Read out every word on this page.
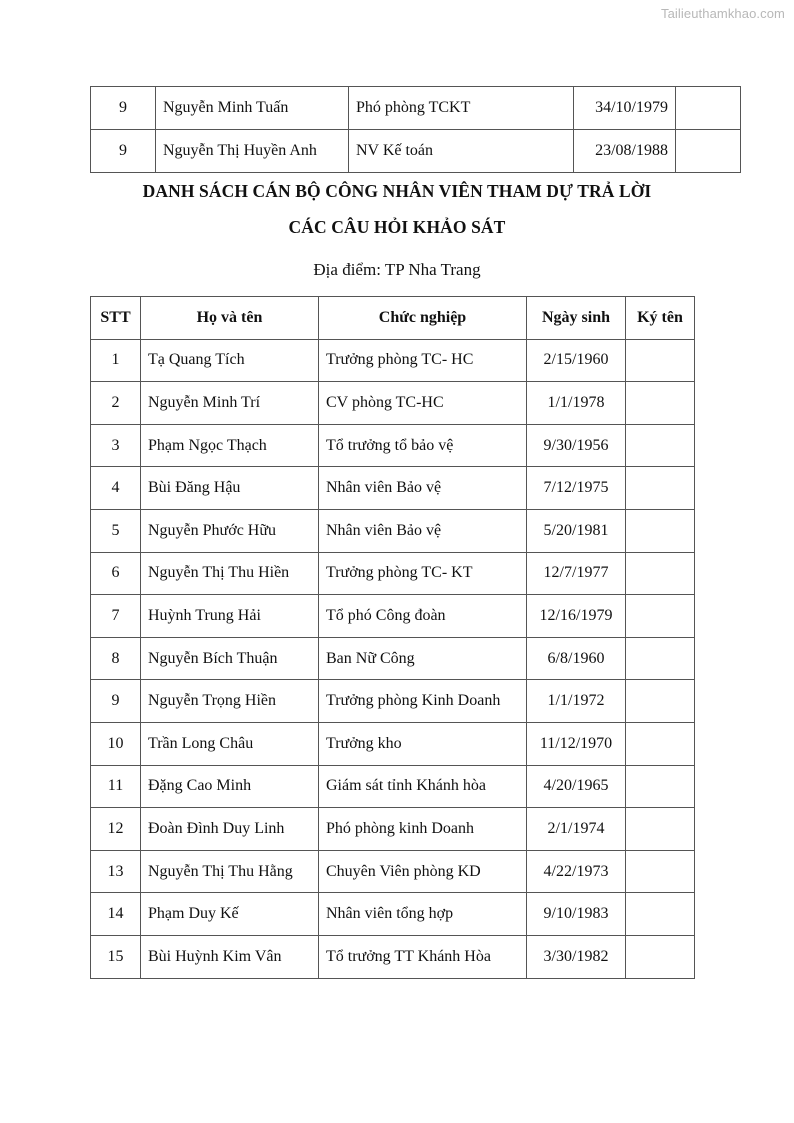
Tailieuthamkhao.com
9	Nguyễn Minh Tuấn	Phó phòng TCKT	34/10/1979	
9	Nguyễn Thị Huyền Anh	NV Kế toán	23/08/1988	
DANH SÁCH CÁN BỘ CÔNG NHÂN VIÊN THAM DỰ TRẢ LỜI
CÁC CÂU HỎI KHẢO SÁT
Địa điểm: TP Nha Trang
STT	Họ và tên	Chức nghiệp	Ngày sinh	Ký tên
1	Tạ Quang Tích	Trưởng phòng TC- HC	2/15/1960	
2	Nguyễn Minh Trí	CV phòng TC-HC	1/1/1978	
3	Phạm Ngọc Thạch	Tổ trưởng tổ bảo vệ	9/30/1956	
4	Bùi Đăng Hậu	Nhân viên Bảo vệ	7/12/1975	
5	Nguyễn Phước Hữu	Nhân viên Bảo vệ	5/20/1981	
6	Nguyễn Thị Thu Hiền	Trưởng phòng TC- KT	12/7/1977	
7	Huỳnh Trung Hải	Tổ phó Công đoàn	12/16/1979	
8	Nguyễn Bích Thuận	Ban Nữ Công	6/8/1960	
9	Nguyễn Trọng Hiền	Trưởng phòng Kinh Doanh	1/1/1972	
10	Trần Long Châu	Trưởng kho	11/12/1970	
11	Đặng Cao Minh	Giám sát tỉnh Khánh hòa	4/20/1965	
12	Đoàn Đình Duy Linh	Phó phòng kinh Doanh	2/1/1974	
13	Nguyễn Thị Thu Hằng	Chuyên Viên phòng KD	4/22/1973	
14	Phạm Duy Kế	Nhân viên tổng hợp	9/10/1983	
15	Bùi Huỳnh Kim Vân	Tổ trưởng TT Khánh Hòa	3/30/1982	
